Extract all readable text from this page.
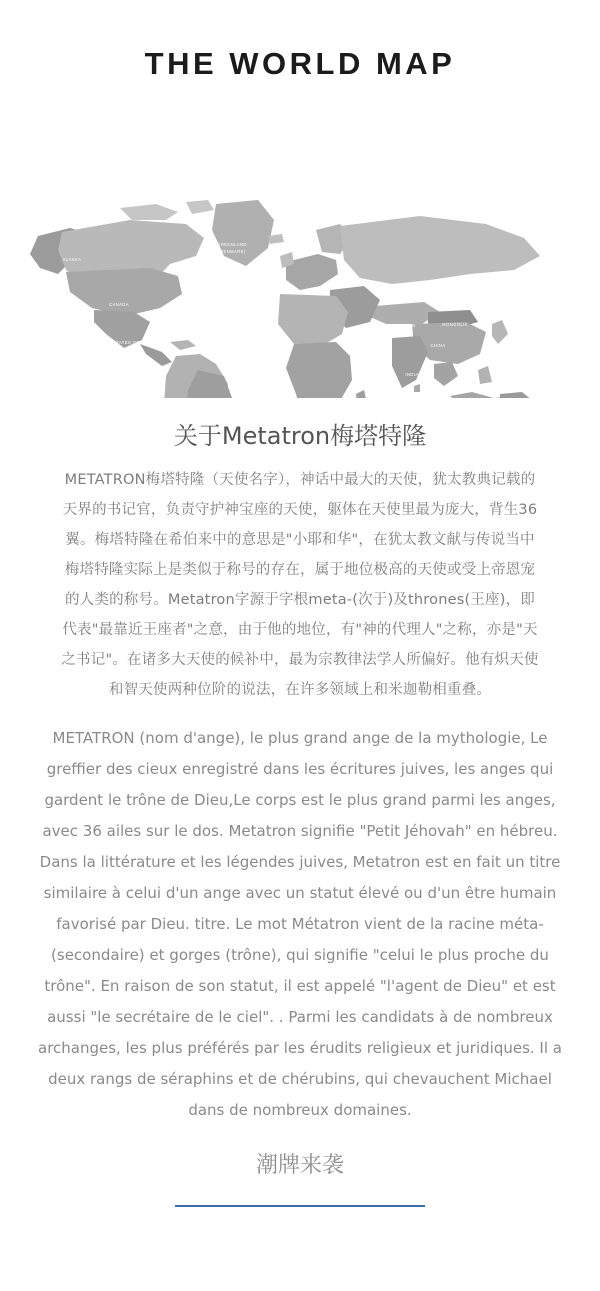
THE WORLD MAP
ALASKA
GREENLAND
(DENMARK)
CANADA
UNITED STATES OF AMERICA
MEXICO
RUSSIA
KAZAKHSTAN	MONGOLIA
CHINA
INDIA
关于Metatron梅塔特隆

METATRON梅塔特隆（天使名字），神话中最大的天使，犹太教典记载的天界的书记官，负责守护神宝座的天使，躯体在天使里最为庞大，背生36翼。梅塔特隆在希伯来中的意思是"小耶和华"，在犹太教文献与传说当中梅塔特隆实际上是类似于称号的存在，属于地位极高的天使或受上帝恩宠的人类的称号。Metatron字源于字根meta-(次于)及thrones(王座)，即代表"最靠近王座者"之意，由于他的地位，有"神的代理人"之称，亦是"天之书记"。在诸多大天使的候补中，最为宗教律法学人所偏好。他有炽天使和智天使两种位阶的说法，在许多领域上和米迦勒相重叠。

METATRON (nom d'ange), le plus grand ange de la mythologie, Le greffier des cieux enregistré dans les écritures juives, les anges qui gardent le trône de Dieu,Le corps est le plus grand parmi les anges, avec 36 ailes sur le dos. Metatron signifie "Petit Jéhovah" en hébreu. Dans la littérature et les légendes juives, Metatron est en fait un titre similaire à celui d'un ange avec un statut élevé ou d'un être humain favorisé par Dieu. titre. Le mot Métatron vient de la racine méta- (secondaire) et gorges (trône), qui signifie "celui le plus proche du trône". En raison de son statut, il est appelé "l'agent de Dieu" et est aussi "le secrétaire de le ciel". . Parmi les candidats à de nombreux archanges, les plus préférés par les érudits religieux et juridiques. Il a deux rangs de séraphins et de chérubins, qui chevauchent Michael dans de nombreux domaines.

潮牌来袭
